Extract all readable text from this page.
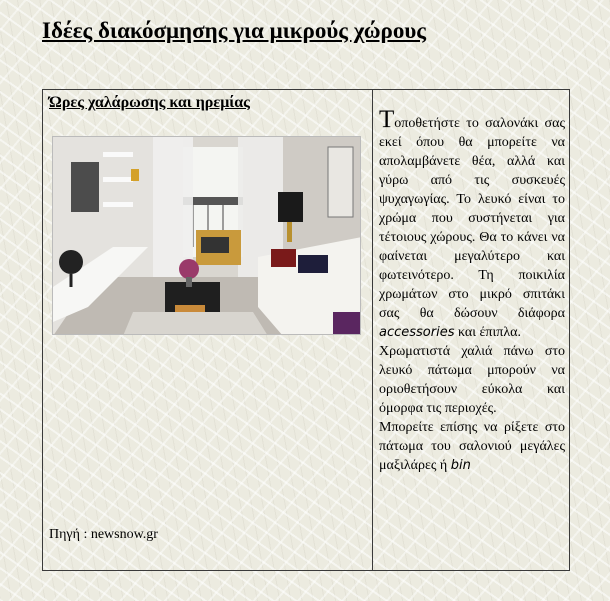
Ιδέες διακόσμησης για μικρούς χώρους
Ώρες χαλάρωσης και ηρεμίας
Πηγή : newsnow.gr

Τοποθετήστε το σαλονάκι σας εκεί όπου θα μπορείτε να απολαμβάνετε θέα, αλλά και γύρω από τις συσκευές ψυχαγωγίας. Το λευκό είναι το χρώμα που συστήνεται για τέτοιους χώρους. Θα το κάνει να φαίνεται μεγαλύτερο και φωτεινότερο. Τη ποικιλία χρωμάτων στο μικρό σπιτάκι σας θα δώσουν διάφορα accessories και έπιπλα.

Χρωματιστά χαλιά πάνω στο λευκό πάτωμα μπορούν να οριοθετήσουν εύκολα και όμορφα τις περιοχές.

Μπορείτε επίσης να ρίξετε στο πάτωμα του σαλονιού μεγάλες μαξιλάρες ή bin
